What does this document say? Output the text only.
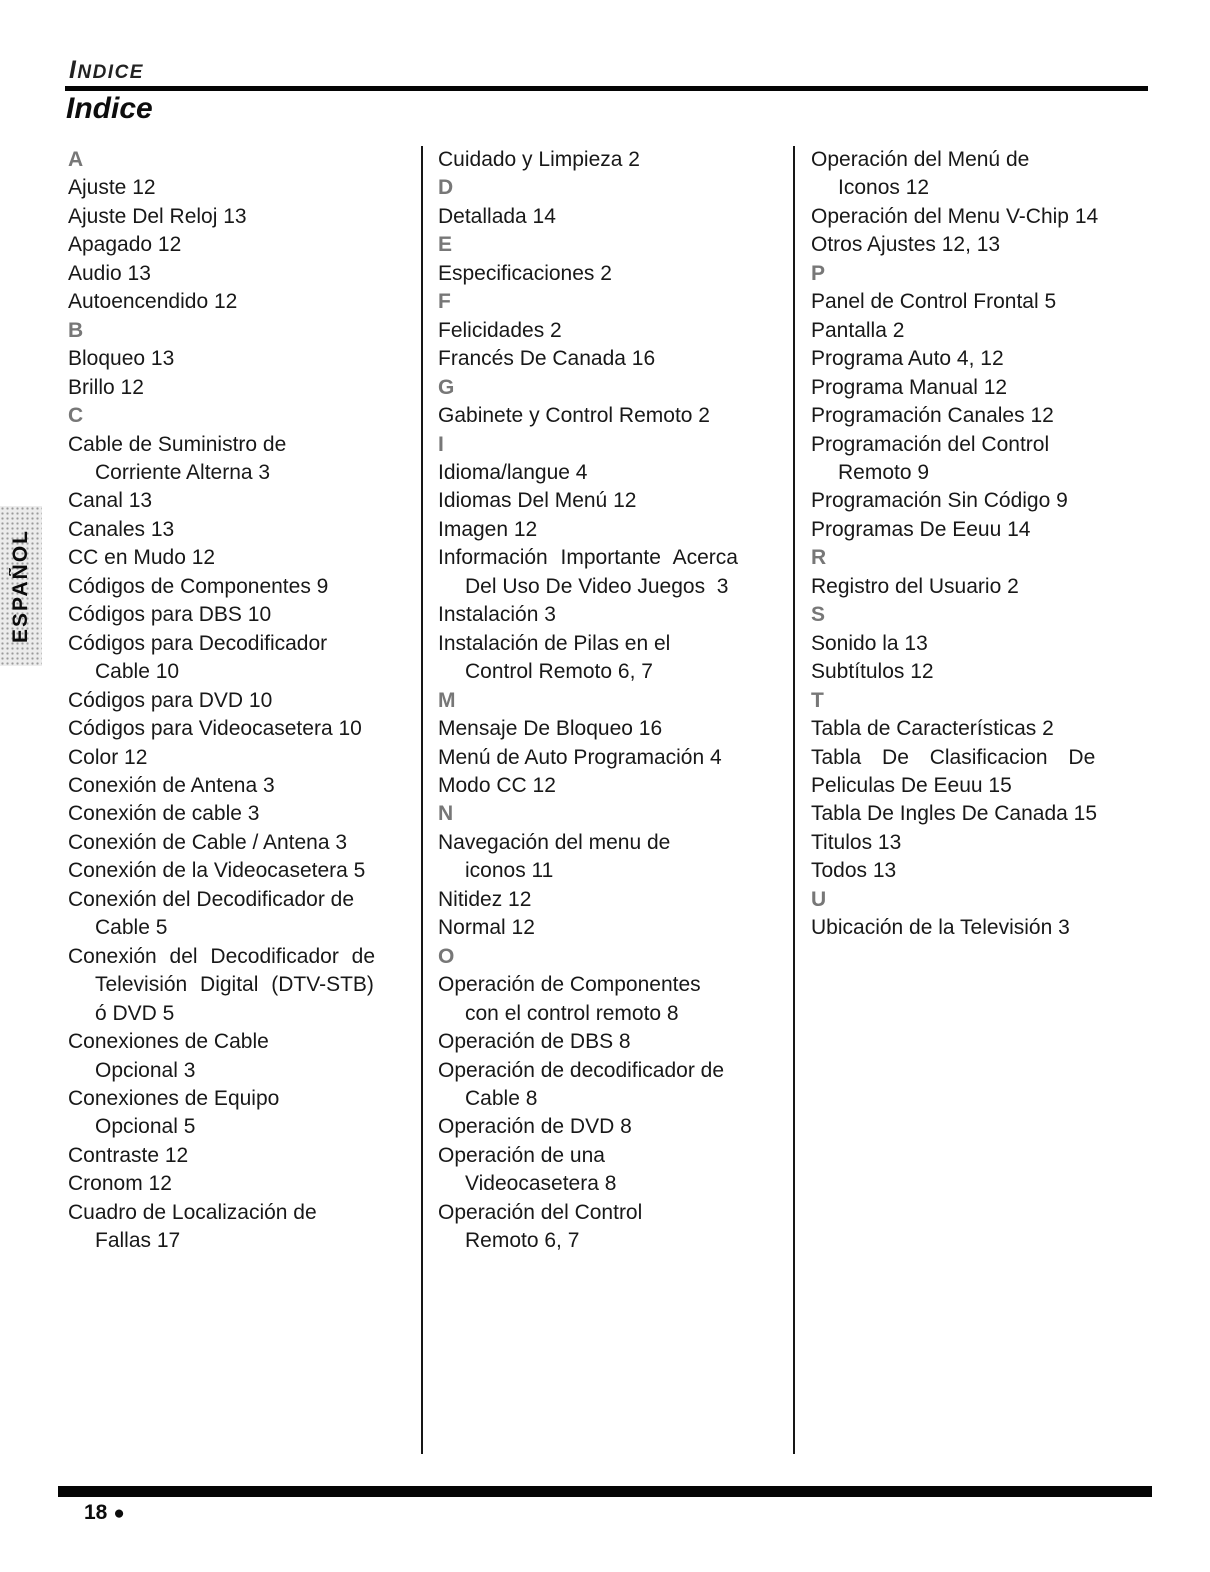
ESPAÑOL
INDICE
Indice
A
Ajuste 12
Ajuste Del Reloj 13
Apagado 12
Audio 13
Autoencendido 12
B
Bloqueo 13
Brillo 12
C
Cable de Suministro de
Corriente Alterna 3
Canal 13
Canales 13
CC en Mudo 12
Códigos de Componentes 9
Códigos para DBS 10
Códigos para Decodificador
Cable 10
Códigos para DVD 10
Códigos para Videocasetera 10
Color 12
Conexión de Antena 3
Conexión de cable 3
Conexión de Cable / Antena 3
Conexión de la Videocasetera 5
Conexión del Decodificador de
Cable 5
Conexión del Decodificador de
Televisión Digital (DTV-STB)
ó DVD 5
Conexiones de Cable
Opcional 3
Conexiones de Equipo
Opcional 5
Contraste 12
Cronom 12
Cuadro de Localización de
Fallas 17
Cuidado y Limpieza 2
D
Detallada 14
E
Especificaciones 2
F
Felicidades 2
Francés De Canada 16
G
Gabinete y Control Remoto 2
I
Idioma/langue 4
Idiomas Del Menú 12
Imagen 12
Información Importante Acerca
Del Uso De Video Juegos  3
Instalación 3
Instalación de Pilas en el
Control Remoto 6, 7
M
Mensaje De Bloqueo 16
Menú de Auto Programación 4
Modo CC 12
N
Navegación del menu de
iconos 11
Nitidez 12
Normal 12
O
Operación de Componentes
con el control remoto 8
Operación de DBS 8
Operación de decodificador de
Cable 8
Operación de DVD 8
Operación de una
Videocasetera 8
Operación del Control
Remoto 6, 7
Operación del Menú de
Iconos 12
Operación del Menu V-Chip 14
Otros Ajustes 12, 13
P
Panel de Control Frontal 5
Pantalla 2
Programa Auto 4, 12
Programa Manual 12
Programación Canales 12
Programación del Control
Remoto 9
Programación Sin Código 9
Programas De Eeuu 14
R
Registro del Usuario 2
S
Sonido la 13
Subtítulos 12
T
Tabla de Características 2
Tabla De Clasificacion De
Peliculas De Eeuu 15
Tabla De Ingles De Canada 15
Titulos 13
Todos 13
U
Ubicación de la Televisión 3
18 ●
